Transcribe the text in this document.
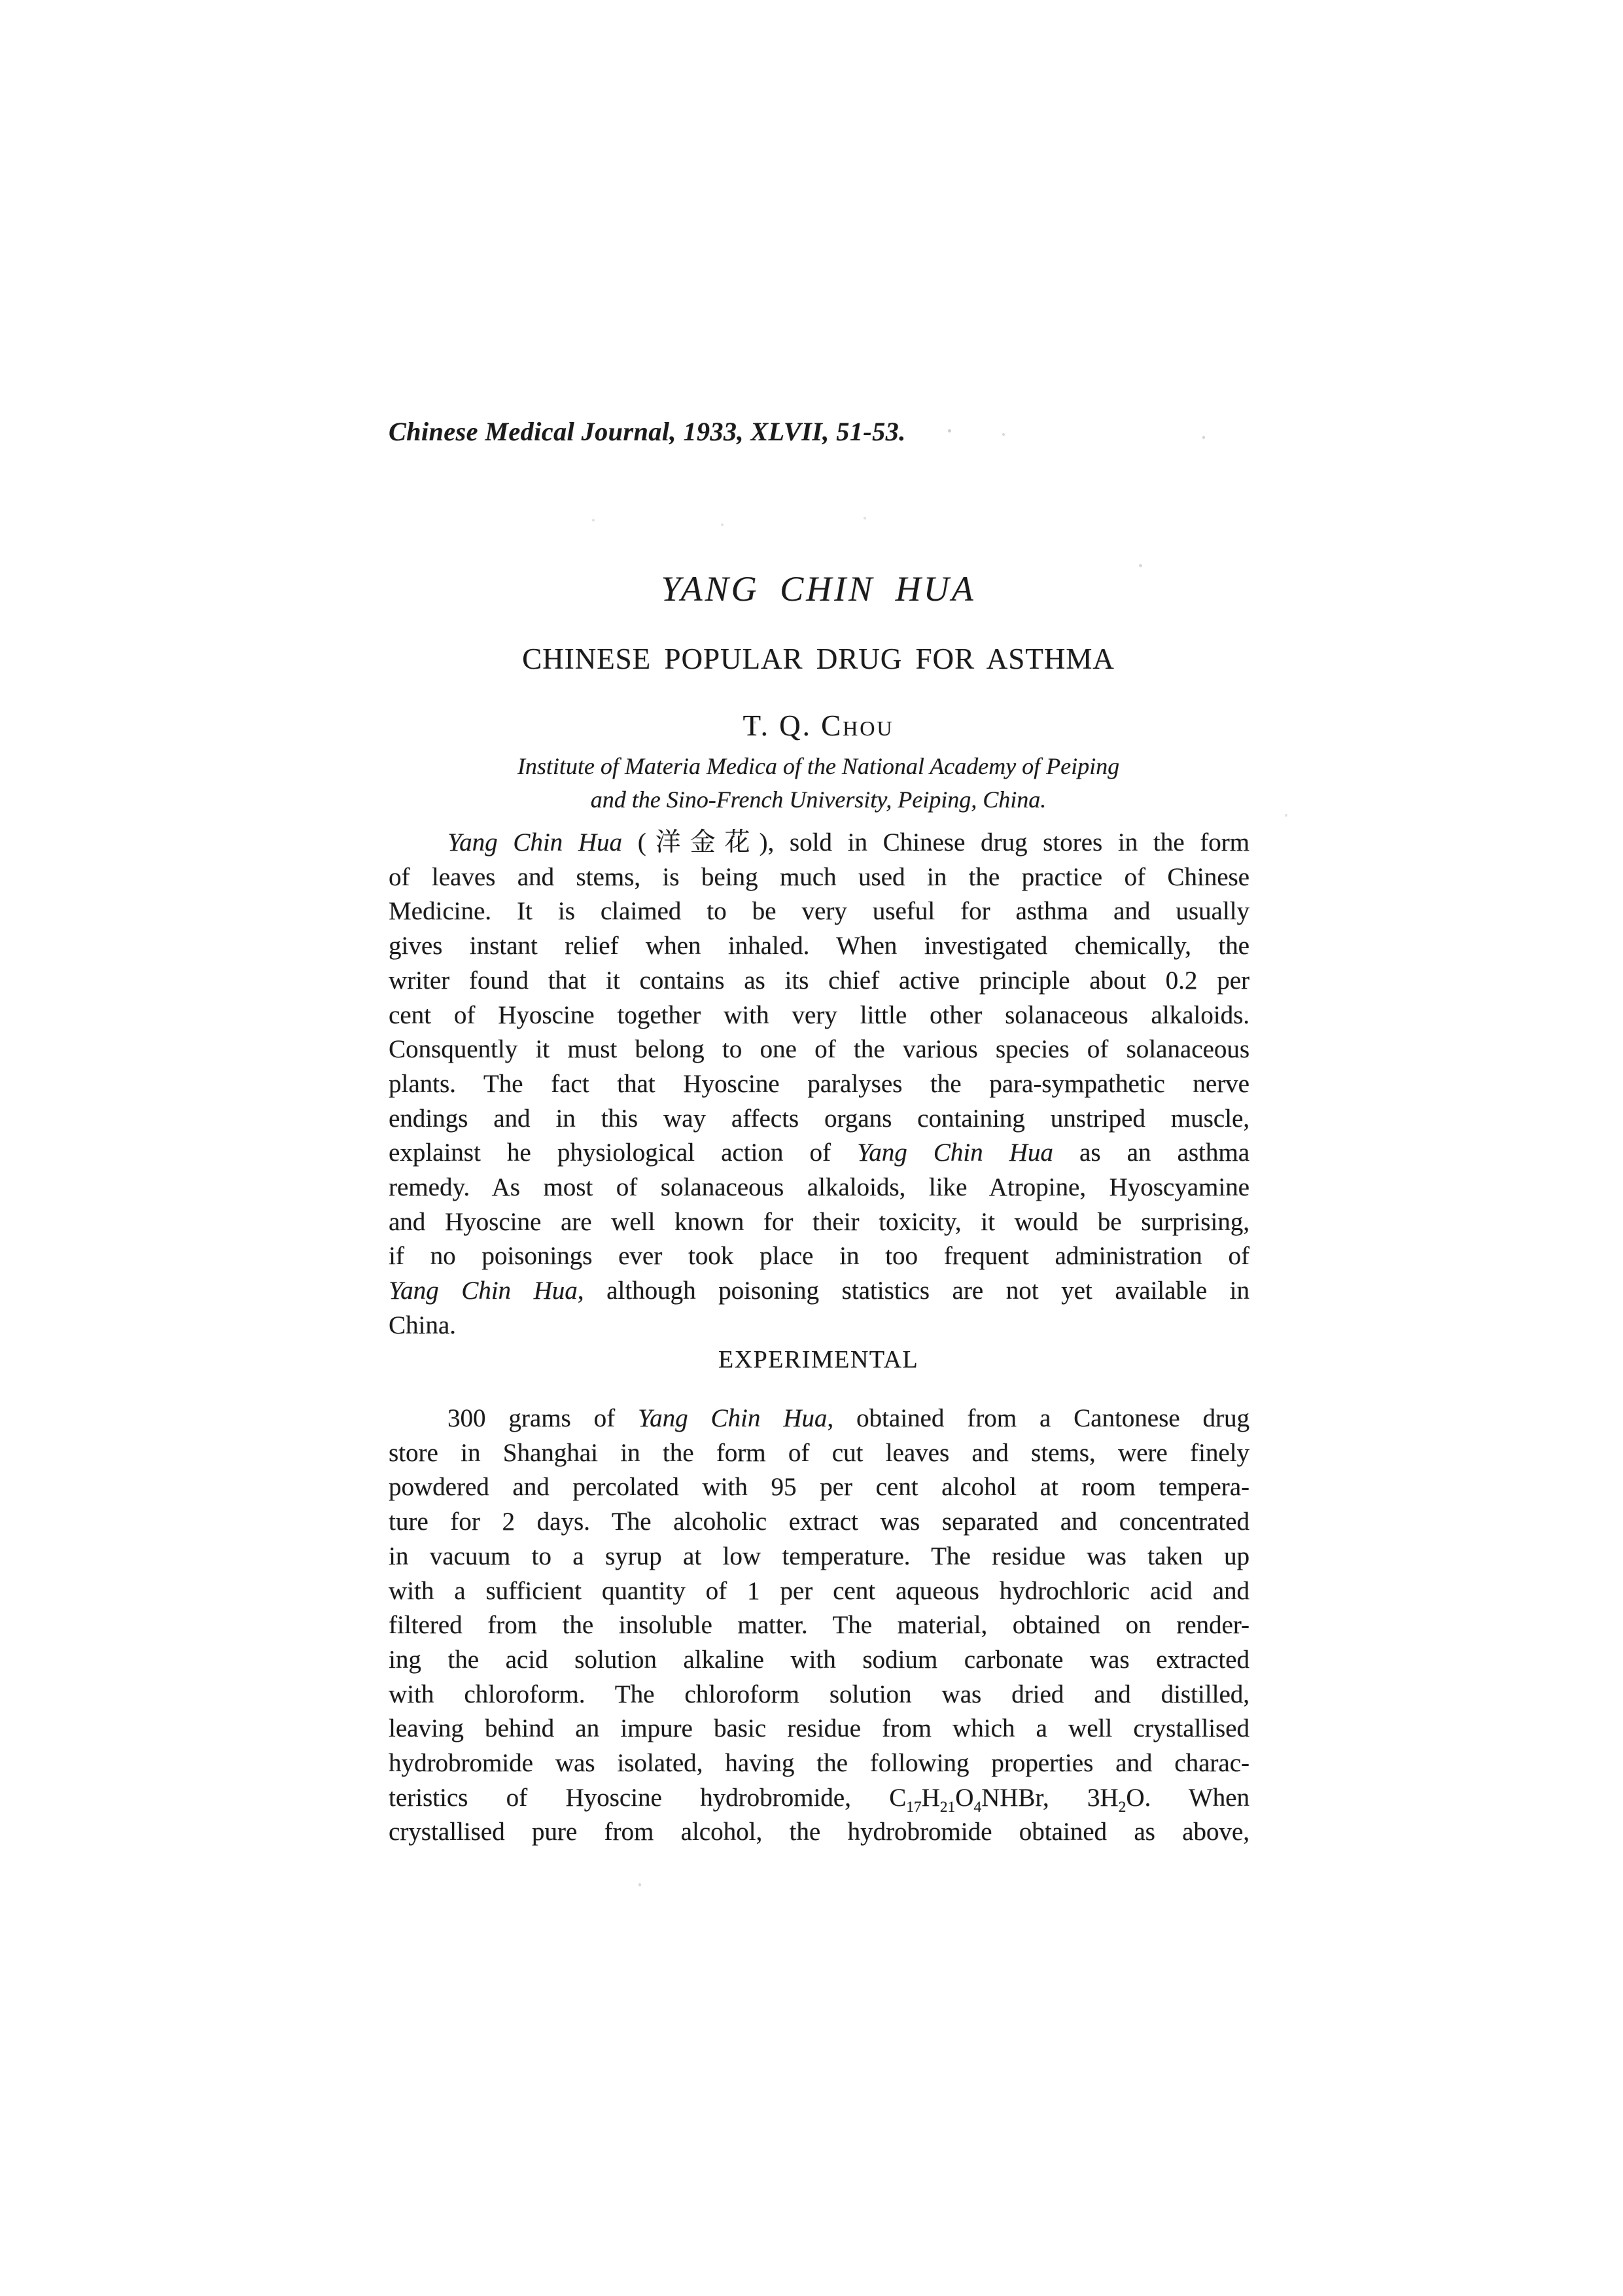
Chinese Medical Journal, 1933, XLVII, 51-53.
YANG CHIN HUA
CHINESE POPULAR DRUG FOR ASTHMA
T. Q. Chou
Institute of Materia Medica of the National Academy of Peiping
and the Sino-French University, Peiping, China.
Yang Chin Hua (洋金花), sold in Chinese drug stores in the form
of leaves and stems, is being much used in the practice of Chinese
Medicine. It is claimed to be very useful for asthma and usually
gives instant relief when inhaled. When investigated chemically, the
writer found that it contains as its chief active principle about 0.2 per
cent of Hyoscine together with very little other solanaceous alkaloids.
Consquently it must belong to one of the various species of solanaceous
plants. The fact that Hyoscine paralyses the para-sympathetic nerve
endings and in this way affects organs containing unstriped muscle,
explainst he physiological action of Yang Chin Hua as an asthma
remedy. As most of solanaceous alkaloids, like Atropine, Hyoscyamine
and Hyoscine are well known for their toxicity, it would be surprising,
if no poisonings ever took place in too frequent administration of
Yang Chin Hua, although poisoning statistics are not yet available in
China.
EXPERIMENTAL
300 grams of Yang Chin Hua, obtained from a Cantonese drug
store in Shanghai in the form of cut leaves and stems, were finely
powdered and percolated with 95 per cent alcohol at room tempera-
ture for 2 days. The alcoholic extract was separated and concentrated
in vacuum to a syrup at low temperature. The residue was taken up
with a sufficient quantity of 1 per cent aqueous hydrochloric acid and
filtered from the insoluble matter. The material, obtained on render-
ing the acid solution alkaline with sodium carbonate was extracted
with chloroform. The chloroform solution was dried and distilled,
leaving behind an impure basic residue from which a well crystallised
hydrobromide was isolated, having the following properties and charac-
teristics of Hyoscine hydrobromide, $C_{17}H_{21}O_4NHBr$, $3H_2O$. When
crystallised pure from alcohol, the hydrobromide obtained as above,
